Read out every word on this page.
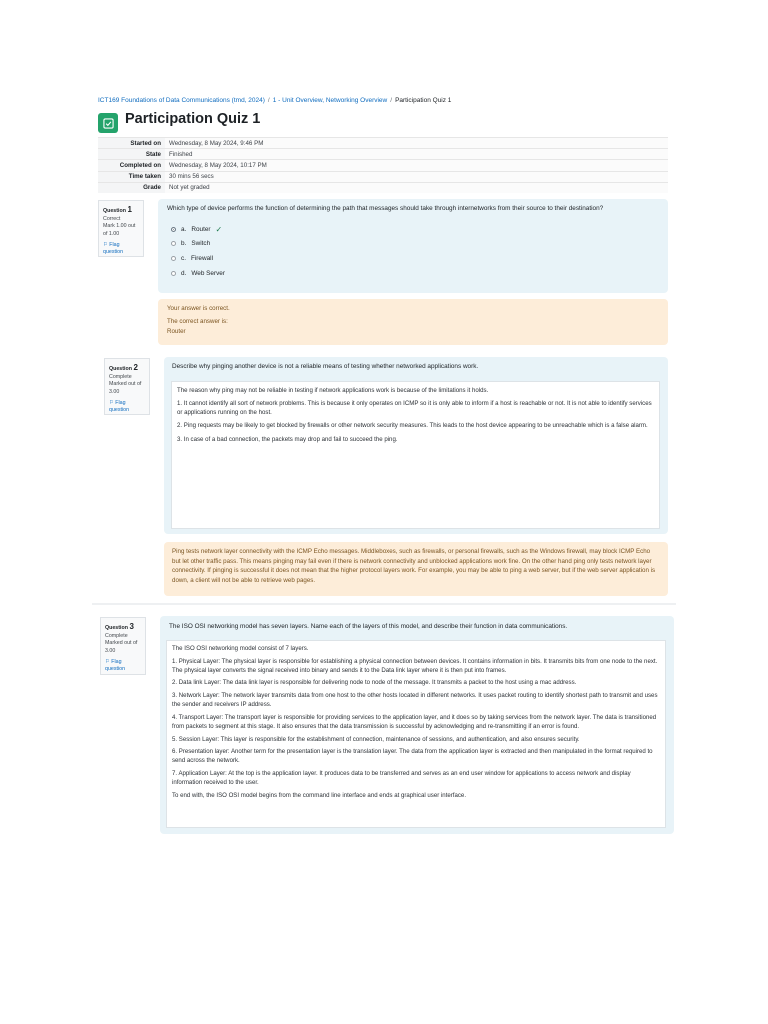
ICT169 Foundations of Data Communications (tmd, 2024) / 1 - Unit Overview, Networking Overview / Participation Quiz 1
Participation Quiz 1
Started on	Wednesday, 8 May 2024, 9:46 PM
State	Finished
Completed on	Wednesday, 8 May 2024, 10:17 PM
Time taken	30 mins 56 secs
Grade	Not yet graded
Question 1
Correct
Mark 1.00 out of 1.00
⚐ Flag question
Which type of device performs the function of determining the path that messages should take through internetworks from their source to their destination?
a. Router ✓
b. Switch
c. Firewall
d. Web Server
Your answer is correct.
The correct answer is:
Router
Question 2
Complete
Marked out of 3.00
⚐ Flag question
Describe why pinging another device is not a reliable means of testing whether networked applications work.

The reason why ping may not be reliable in testing if network applications work is because of the limitations it holds.

1. It cannot identify all sort of network problems. This is because it only operates on ICMP so it is only able to inform if a host is reachable or not. It is not able to identify services or applications running on the host.

2. Ping requests may be likely to get blocked by firewalls or other network security measures. This leads to the host device appearing to be unreachable which is a false alarm.

3. In case of a bad connection, the packets may drop and fail to succeed the ping.

Ping tests network layer connectivity with the ICMP Echo messages. Middleboxes, such as firewalls, or personal firewalls, such as the Windows firewall, may block ICMP Echo but let other traffic pass. This means pinging may fail even if there is network connectivity and unblocked applications work fine. On the other hand ping only tests network layer connectivity. If pinging is successful it does not mean that the higher protocol layers work. For example, you may be able to ping a web server, but if the web server application is down, a client will not be able to retrieve web pages.
Question 3
Complete
Marked out of 3.00
⚐ Flag question
The ISO OSI networking model has seven layers. Name each of the layers of this model, and describe their function in data communications.

The ISO OSI networking model consist of 7 layers.

1. Physical Layer: The physical layer is responsible for establishing a physical connection between devices. It contains information in bits. It transmits bits from one node to the next. The physical layer converts the signal received into binary and sends it to the Data link layer where it is then put into frames.

2. Data link Layer: The data link layer is responsible for delivering node to node of the message. It transmits a packet to the host using a mac address.

3. Network Layer: The network layer transmits data from one host to the other hosts located in different networks. It uses packet routing to identify shortest path to transmit and uses the sender and receivers IP address.

4. Transport Layer: The transport layer is responsible for providing services to the application layer, and it does so by taking services from the network layer. The data is transitioned from packets to segment at this stage. It also ensures that the data transmission is successful by acknowledging and re-transmitting if an error is found.

5. Session Layer: This layer is responsible for the establishment of connection, maintenance of sessions, and authentication, and also ensures security.

6. Presentation layer: Another term for the presentation layer is the translation layer. The data from the application layer is extracted and then manipulated in the format required to send across the network.

7. Application Layer: At the top is the application layer. It produces data to be transferred and serves as an end user window for applications to access network and display information received to the user.

To end with, the ISO OSI model begins from the command line interface and ends at graphical user interface.
